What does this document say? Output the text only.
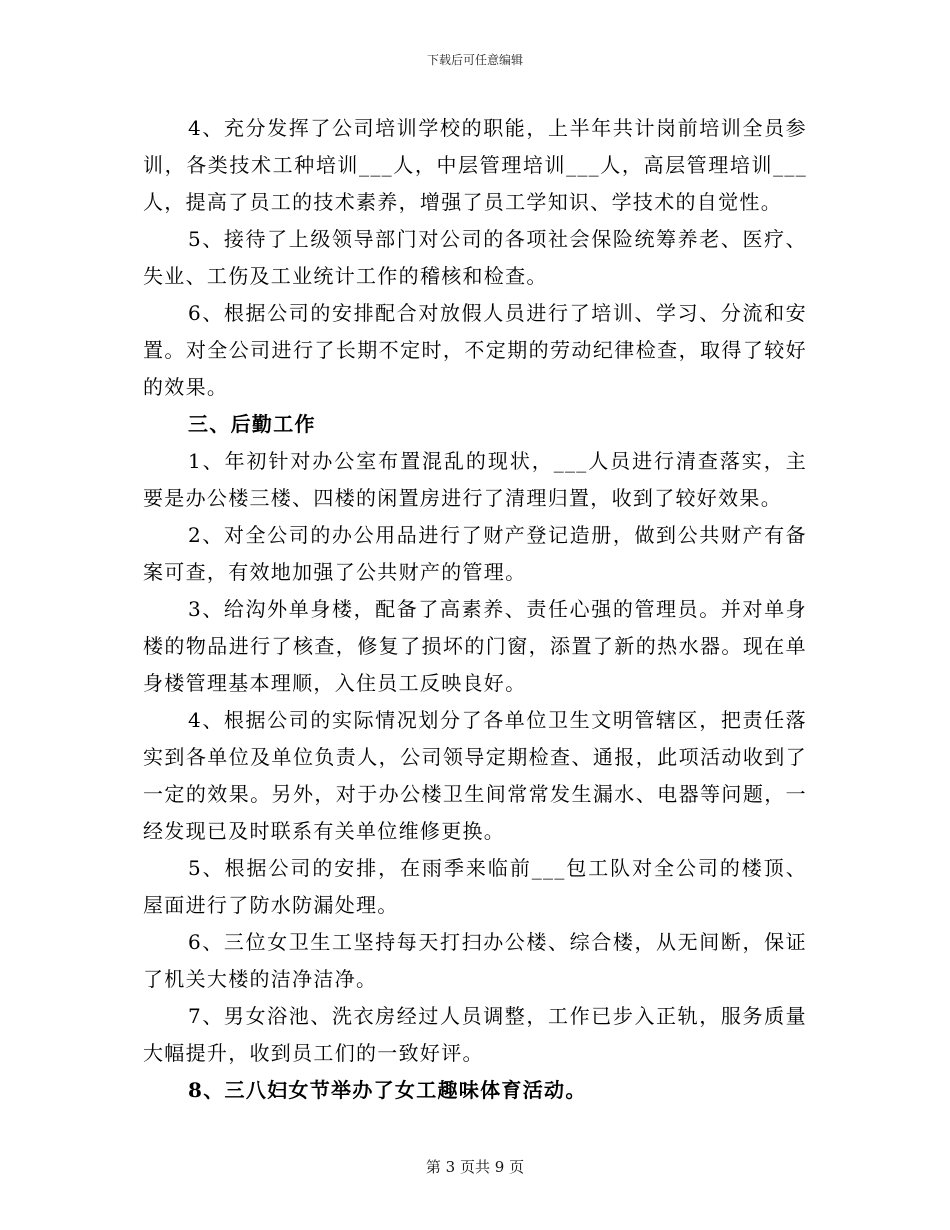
下载后可任意编辑

4、充分发挥了公司培训学校的职能，上半年共计岗前培训全员参训，各类技术工种培训___人，中层管理培训___人，高层管理培训___人，提高了员工的技术素养，增强了员工学知识、学技术的自觉性。

5、接待了上级领导部门对公司的各项社会保险统筹养老、医疗、失业、工伤及工业统计工作的稽核和检查。

6、根据公司的安排配合对放假人员进行了培训、学习、分流和安置。对全公司进行了长期不定时，不定期的劳动纪律检查，取得了较好的效果。

三、后勤工作

1、年初针对办公室布置混乱的现状，___人员进行清查落实，主要是办公楼三楼、四楼的闲置房进行了清理归置，收到了较好效果。

2、对全公司的办公用品进行了财产登记造册，做到公共财产有备案可查，有效地加强了公共财产的管理。

3、给沟外单身楼，配备了高素养、责任心强的管理员。并对单身楼的物品进行了核查，修复了损坏的门窗，添置了新的热水器。现在单身楼管理基本理顺，入住员工反映良好。

4、根据公司的实际情况划分了各单位卫生文明管辖区，把责任落实到各单位及单位负责人，公司领导定期检查、通报，此项活动收到了一定的效果。另外，对于办公楼卫生间常常发生漏水、电器等问题，一经发现已及时联系有关单位维修更换。

5、根据公司的安排，在雨季来临前___包工队对全公司的楼顶、屋面进行了防水防漏处理。

6、三位女卫生工坚持每天打扫办公楼、综合楼，从无间断，保证了机关大楼的洁净洁净。

7、男女浴池、洗衣房经过人员调整，工作已步入正轨，服务质量大幅提升，收到员工们的一致好评。

8、三八妇女节举办了女工趣味体育活动。

第 3 页共 9 页
